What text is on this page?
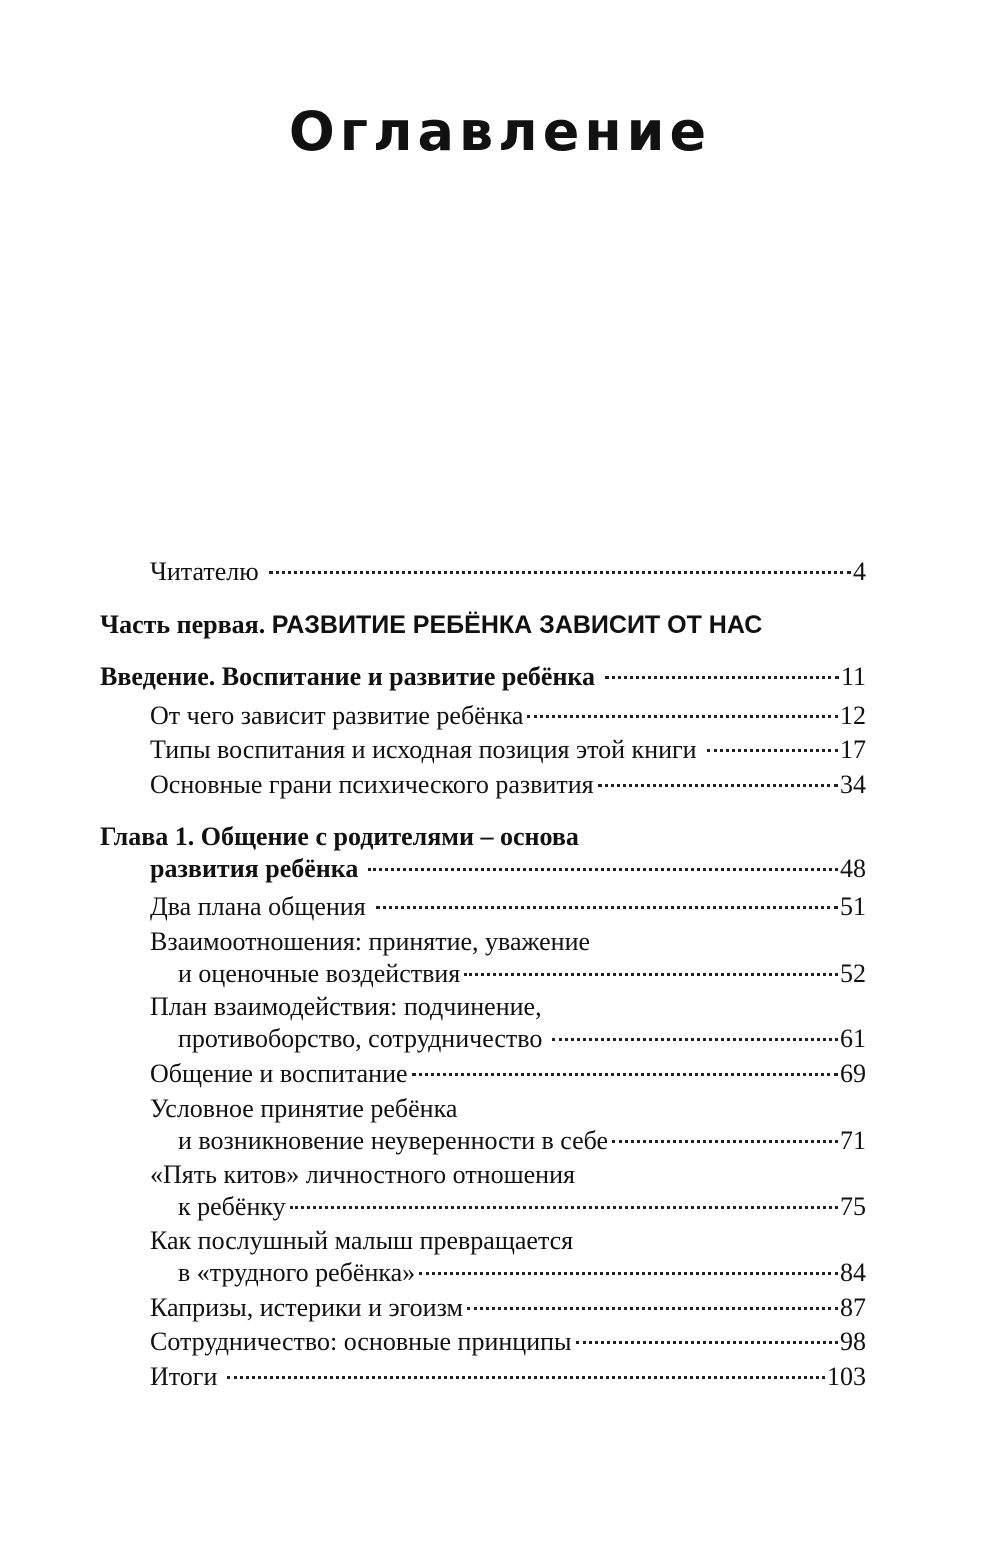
Оглавление
Читателю	4
Часть первая. РАЗВИТИЕ РЕБЁНКА ЗАВИСИТ ОТ НАС
Введение. Воспитание и развитие ребёнка	11
От чего зависит развитие ребёнка	12
Типы воспитания и исходная позиция этой книги	17
Основные грани психического развития	34
Глава 1. Общение с родителями – основа
развития ребёнка	48
Два плана общения	51
Взаимоотношения: принятие, уважение
и оценочные воздействия	52
План взаимодействия: подчинение,
противоборство, сотрудничество	61
Общение и воспитание	69
Условное принятие ребёнка
и возникновение неуверенности в себе	71
«Пять китов» личностного отношения
к ребёнку	75
Как послушный малыш превращается
в «трудного ребёнка»	84
Капризы, истерики и эгоизм	87
Сотрудничество: основные принципы	98
Итоги	103
